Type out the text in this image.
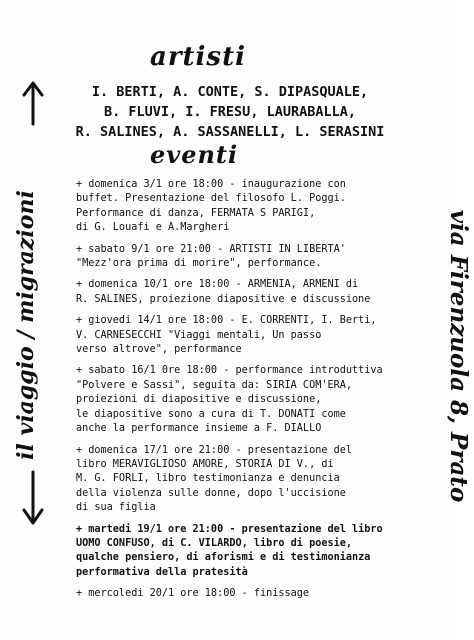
artisti
I. BERTI, A. CONTE, S. DIPASQUALE,
B. FLUVI, I. FRESU, LAURABALLA,
R. SALINES, A. SASSANELLI, L. SERASINI
eventi
+ domenica 3/1 ore 18:00 - inaugurazione con
buffet. Presentazione del filosofo L. Poggi.
Performance di danza, FERMATA S PARIGI,
di G. Louafi e A.Margheri
+ sabato 9/1 ore 21:00 - ARTISTI IN LIBERTA'
"Mezz'ora prima di morire", performance.
+ domenica 10/1 ore 18:00 - ARMENIA, ARMENI di
R. SALINES, proiezione diapositive e discussione
+ giovedi 14/1 ore 18:00 - E. CORRENTI, I. Berti,
V. CARNESECCHI "Viaggi mentali, Un passo
verso altrove", performance
+ sabato 16/1 0re 18:00 - performance introduttiva
"Polvere e Sassi", seguita da: SIRIA COM'ERA,
proiezioni di diapositive e discussione,
le diapositive sono a cura di T. DONATI come
anche la performance insieme a F. DIALLO
+ domenica 17/1 ore 21:00 - presentazione del
libro MERAVIGLIOSO AMORE, STORIA DI V., di
M. G. FORLI, libro testimonianza e denuncia
della violenza sulle donne, dopo l'uccisione
di sua figlia
+ martedi 19/1 ore 21:00 - presentazione del libro
UOMO CONFUSO, di C. VILARDO, libro di poesie,
qualche pensiero, di aforismi e di testimonianza
performativa della pratesità
+ mercoledi 20/1 ore 18:00 - finissage
il viaggio / migrazioni	via Firenzuola 8, Prato
